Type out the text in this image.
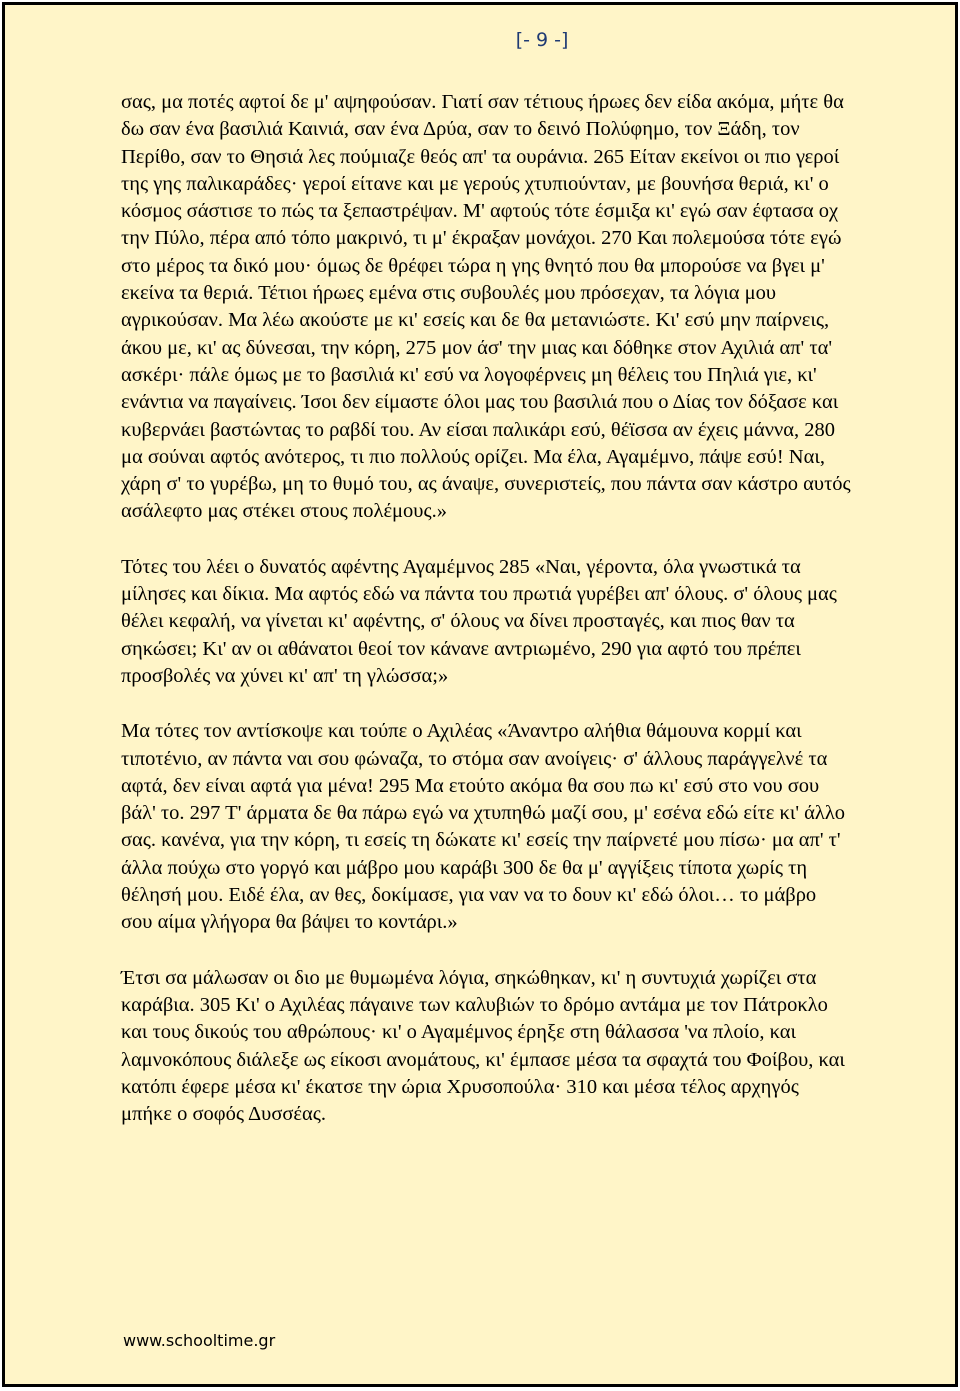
[- 9 -]

σας, μα ποτές αφτοί δε μ' αψηφούσαν. Γιατί σαν τέτιους ήρωες δεν είδα ακόμα, μήτε θα δω σαν ένα βασιλιά Καινιά, σαν ένα Δρύα, σαν το δεινό Πολύφημο, τον Ξάδη, τον Περίθο, σαν το Θησιά λες πούμιαζε θεός απ' τα ουράνια. 265 Είταν εκείνοι οι πιο γεροί της γης παλικαράδες· γεροί είτανε και με γερούς χτυπιούνταν, με βουνήσα θεριά, κι' ο κόσμος σάστισε το πώς τα ξεπαστρέψαν. Μ' αφτούς τότε έσμιξα κι' εγώ σαν έφτασα οχ την Πύλο, πέρα από τόπο μακρινό, τι μ' έκραξαν μονάχοι. 270 Και πολεμούσα τότε εγώ στο μέρος τα δικό μου· όμως δε θρέφει τώρα η γης θνητό που θα μπορούσε να βγει μ' εκείνα τα θεριά. Τέτιοι ήρωες εμένα στις συβουλές μου πρόσεχαν, τα λόγια μου αγρικούσαν. Μα λέω ακούστε με κι' εσείς και δε θα μετανιώστε. Κι' εσύ μην παίρνεις, άκου με, κι' ας δύνεσαι, την κόρη, 275 μον άσ' την μιας και δόθηκε στον Αχιλιά απ' τα' ασκέρι· πάλε όμως με το βασιλιά κι' εσύ να λογοφέρνεις μη θέλεις του Πηλιά γιε, κι' ενάντια να παγαίνεις. Ίσοι δεν είμαστε όλοι μας του βασιλιά που ο Δίας τον δόξασε και κυβερνάει βαστώντας το ραβδί του. Αν είσαι παλικάρι εσύ, θέϊσσα αν έχεις μάννα, 280 μα σούναι αφτός ανότερος, τι πιο πολλούς ορίζει. Μα έλα, Αγαμέμνο, πάψε εσύ! Ναι, χάρη σ' το γυρέβω, μη το θυμό του, ας άναψε, συνεριστείς, που πάντα σαν κάστρο αυτός ασάλεφτο μας στέκει στους πολέμους.»

Τότες του λέει ο δυνατός αφέντης Αγαμέμνος 285 «Ναι, γέροντα, όλα γνωστικά τα μίλησες και δίκια. Μα αφτός εδώ να πάντα του πρωτιά γυρέβει απ' όλους. σ' όλους μας θέλει κεφαλή, να γίνεται κι' αφέντης, σ' όλους να δίνει προσταγές, και πιος θαν τα σηκώσει; Κι' αν οι αθάνατοι θεοί τον κάνανε αντριωμένο, 290 για αφτό του πρέπει προσβολές να χύνει κι' απ' τη γλώσσα;»

Μα τότες τον αντίσκοψε και τούπε ο Αχιλέας «Άναντρο αλήθια θάμουνα κορμί και τιποτένιο, αν πάντα ναι σου φώναζα, το στόμα σαν ανοίγεις· σ' άλλους παράγγελνέ τα αφτά, δεν είναι αφτά για μένα! 295 Μα ετούτο ακόμα θα σου πω κι' εσύ στο νου σου βάλ' το. 297 Τ' άρματα δε θα πάρω εγώ να χτυπηθώ μαζί σου, μ' εσένα εδώ είτε κι' άλλο σας. κανένα, για την κόρη, τι εσείς τη δώκατε κι' εσείς την παίρνετέ μου πίσω· μα απ' τ' άλλα πούχω στο γοργό και μάβρο μου καράβι 300 δε θα μ' αγγίξεις τίποτα χωρίς τη θέλησή μου. Ειδέ έλα, αν θες, δοκίμασε, για ναν να το δουν κι' εδώ όλοι… το μάβρο σου αίμα γλήγορα θα βάψει το κοντάρι.»

Έτσι σα μάλωσαν οι διο με θυμωμένα λόγια, σηκώθηκαν, κι' η συντυχιά χωρίζει στα καράβια. 305 Κι' ο Αχιλέας πάγαινε των καλυβιών το δρόμο αντάμα με τον Πάτροκλο και τους δικούς του αθρώπους· κι' ο Αγαμέμνος έρηξε στη θάλασσα 'να πλοίο, και λαμνοκόπους διάλεξε ως είκοσι ανομάτους, κι' έμπασε μέσα τα σφαχτά του Φοίβου, και κατόπι έφερε μέσα κι' έκατσε την ώρια Χρυσοπούλα· 310 και μέσα τέλος αρχηγός μπήκε ο σοφός Δυσσέας.

www.schooltime.gr
